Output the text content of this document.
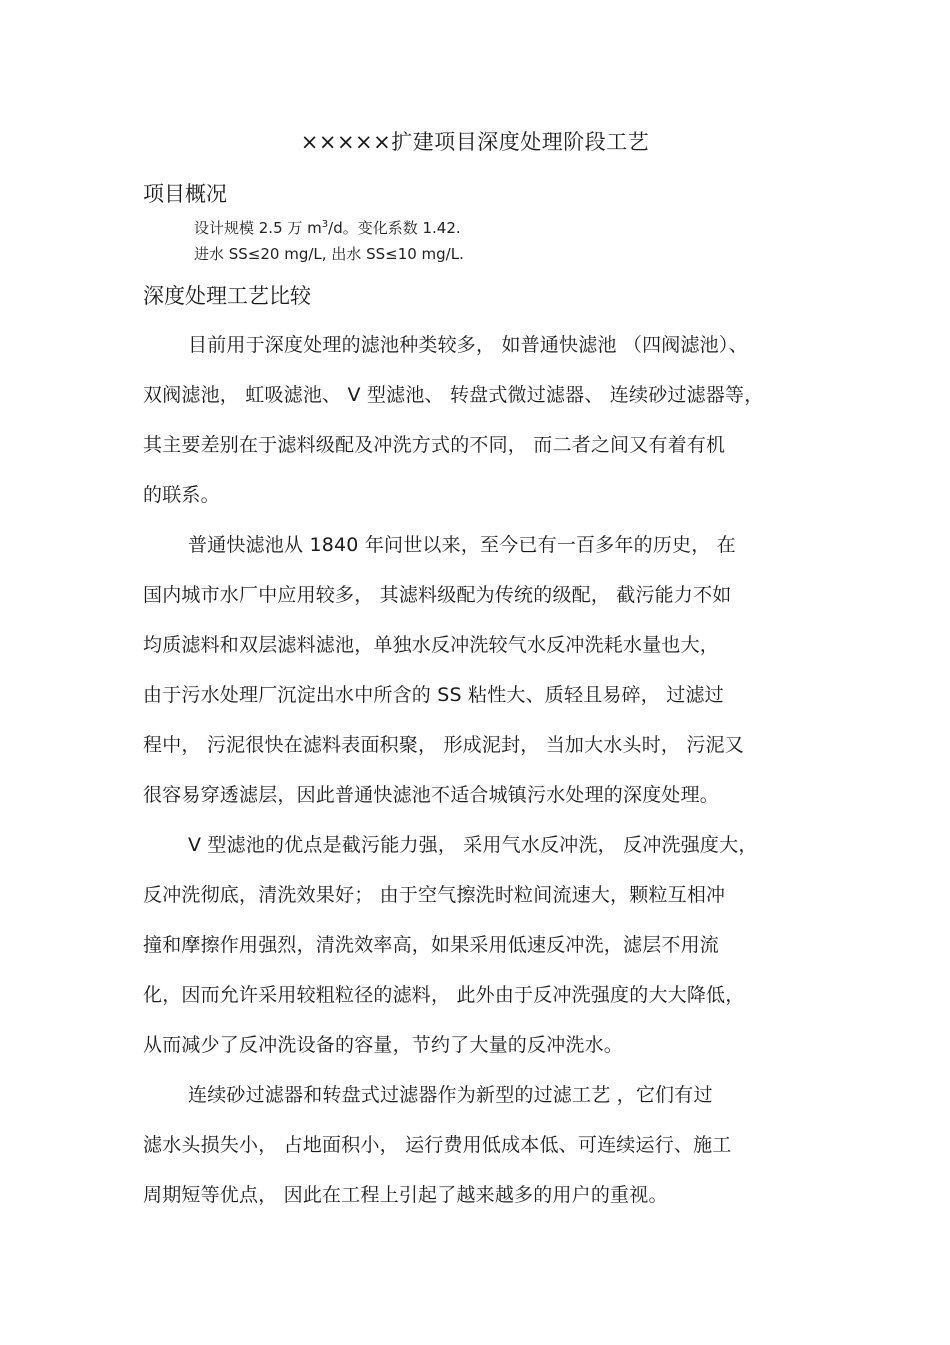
×××××扩建项目深度处理阶段工艺
项目概况
设计规模 2.5 万 $m^3/d$。变化系数 1.42.
进水 SS≤20 mg/L, 出水 SS≤10 mg/L.
深度处理工艺比较
目前用于深度处理的滤池种类较多， 如普通快滤池 （四阀滤池）、
双阀滤池， 虹吸滤池、 V 型滤池、 转盘式微过滤器、 连续砂过滤器等，
其主要差别在于滤料级配及冲洗方式的不同， 而二者之间又有着有机
的联系。
普通快滤池从 1840 年问世以来，至今已有一百多年的历史， 在
国内城市水厂中应用较多， 其滤料级配为传统的级配， 截污能力不如
均质滤料和双层滤料滤池，单独水反冲洗较气水反冲洗耗水量也大，
由于污水处理厂沉淀出水中所含的 SS 粘性大、质轻且易碎， 过滤过
程中， 污泥很快在滤料表面积聚， 形成泥封， 当加大水头时， 污泥又
很容易穿透滤层，因此普通快滤池不适合城镇污水处理的深度处理。
V 型滤池的优点是截污能力强， 采用气水反冲洗， 反冲洗强度大，
反冲洗彻底，清洗效果好； 由于空气擦洗时粒间流速大，颗粒互相冲
撞和摩擦作用强烈，清洗效率高，如果采用低速反冲洗，滤层不用流
化，因而允许采用较粗粒径的滤料， 此外由于反冲洗强度的大大降低，
从而减少了反冲洗设备的容量，节约了大量的反冲洗水。
连续砂过滤器和转盘式过滤器作为新型的过滤工艺 ，它们有过
滤水头损失小， 占地面积小， 运行费用低成本低、可连续运行、施工
周期短等优点， 因此在工程上引起了越来越多的用户的重视。
